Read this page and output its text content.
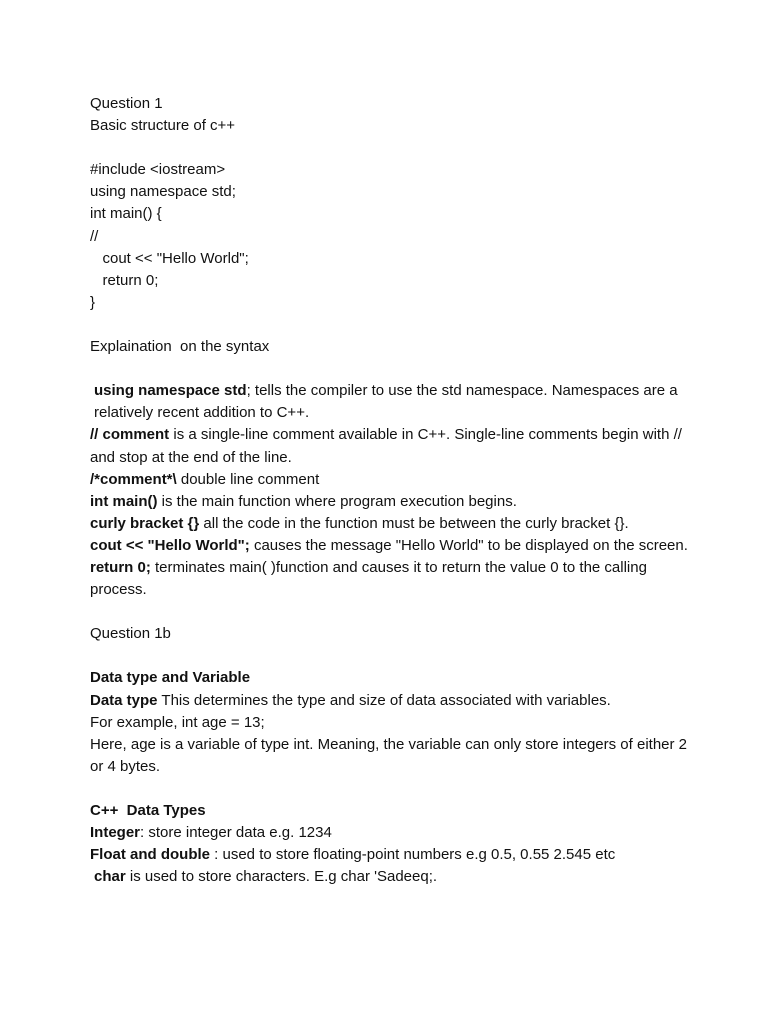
Question 1
Basic structure of c++
#include <iostream>
using namespace std;
int main() {
//
cout << "Hello World";
return 0;
}
Explaination  on the syntax
using namespace std; tells the compiler to use the std namespace. Namespaces are a relatively recent addition to C++.
// comment is a single-line comment available in C++. Single-line comments begin with // and stop at the end of the line.
/*comment*\ double line comment
int main() is the main function where program execution begins.
curly bracket {} all the code in the function must be between the curly bracket {}.
cout << "Hello World"; causes the message "Hello World" to be displayed on the screen.
return 0; terminates main( )function and causes it to return the value 0 to the calling process.
Question 1b
Data type and Variable
Data type This determines the type and size of data associated with variables.
For example, int age = 13;
Here, age is a variable of type int. Meaning, the variable can only store integers of either 2 or 4 bytes.
C++  Data Types
Integer: store integer data e.g. 1234
Float and double : used to store floating-point numbers e.g 0.5, 0.55 2.545 etc
char is used to store characters. E.g char 'Sadeeq;.
